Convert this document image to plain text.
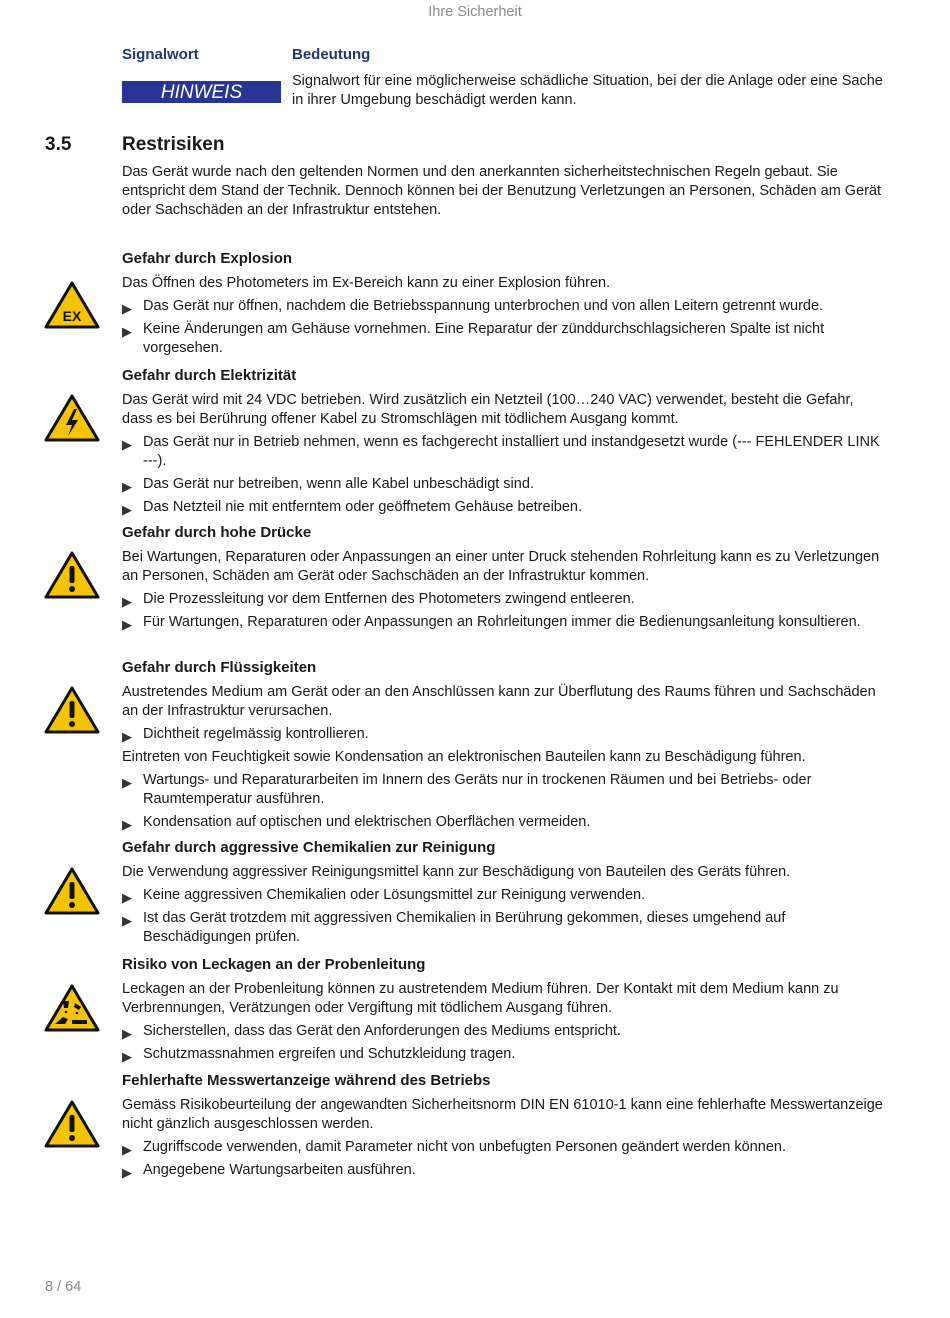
Ihre Sicherheit
Signalwort	Bedeutung
HINWEIS
Signalwort für eine möglicherweise schädliche Situation, bei der die Anlage oder eine Sache in ihrer Umgebung beschädigt werden kann.
3.5	Restrisiken

Das Gerät wurde nach den geltenden Normen und den anerkannten sicherheitstechnischen Regeln gebaut. Sie entspricht dem Stand der Technik. Dennoch können bei der Benutzung Verletzungen an Personen, Schäden am Gerät oder Sachschäden an der Infrastruktur entstehen.

Gefahr durch Explosion

Das Öffnen des Photometers im Ex-Bereich kann zu einer Explosion führen.

▶ Das Gerät nur öffnen, nachdem die Betriebsspannung unterbrochen und von allen Leitern getrennt wurde.
▶ Keine Änderungen am Gehäuse vornehmen. Eine Reparatur der zünddurchschlagsicheren Spalte ist nicht vorgesehen.
EX
Gefahr durch Elektrizität

Das Gerät wird mit 24 VDC betrieben. Wird zusätzlich ein Netzteil (100…240 VAC) verwendet, besteht die Gefahr, dass es bei Berührung offener Kabel zu Stromschlägen mit tödlichem Ausgang kommt.

▶ Das Gerät nur in Betrieb nehmen, wenn es fachgerecht installiert und instandgesetzt wurde (--- FEHLENDER LINK ---).
▶ Das Gerät nur betreiben, wenn alle Kabel unbeschädigt sind.
▶ Das Netzteil nie mit entferntem oder geöffnetem Gehäuse betreiben.
Gefahr durch hohe Drücke

Bei Wartungen, Reparaturen oder Anpassungen an einer unter Druck stehenden Rohrleitung kann es zu Verletzungen an Personen, Schäden am Gerät oder Sachschäden an der Infrastruktur kommen.

▶ Die Prozessleitung vor dem Entfernen des Photometers zwingend entleeren.
▶ Für Wartungen, Reparaturen oder Anpassungen an Rohrleitungen immer die Bedienungsanleitung konsultieren.
Gefahr durch Flüssigkeiten

Austretendes Medium am Gerät oder an den Anschlüssen kann zur Überflutung des Raums führen und Sachschäden an der Infrastruktur verursachen.

▶ Dichtheit regelmässig kontrollieren.

Eintreten von Feuchtigkeit sowie Kondensation an elektronischen Bauteilen kann zu Beschädigung führen.

▶ Wartungs- und Reparaturarbeiten im Innern des Geräts nur in trockenen Räumen und bei Betriebs- oder Raumtemperatur ausführen.
▶ Kondensation auf optischen und elektrischen Oberflächen vermeiden.
Gefahr durch aggressive Chemikalien zur Reinigung

Die Verwendung aggressiver Reinigungsmittel kann zur Beschädigung von Bauteilen des Geräts führen.

▶ Keine aggressiven Chemikalien oder Lösungsmittel zur Reinigung verwenden.
▶ Ist das Gerät trotzdem mit aggressiven Chemikalien in Berührung gekommen, dieses umgehend auf Beschädigungen prüfen.
Risiko von Leckagen an der Probenleitung

Leckagen an der Probenleitung können zu austretendem Medium führen. Der Kontakt mit dem Medium kann zu Verbrennungen, Verätzungen oder Vergiftung mit tödlichem Ausgang führen.

▶ Sicherstellen, dass das Gerät den Anforderungen des Mediums entspricht.
▶ Schutzmassnahmen ergreifen und Schutzkleidung tragen.
Fehlerhafte Messwertanzeige während des Betriebs

Gemäss Risikobeurteilung der angewandten Sicherheitsnorm DIN EN 61010-1 kann eine fehlerhafte Messwertanzeige nicht gänzlich ausgeschlossen werden.

▶ Zugriffscode verwenden, damit Parameter nicht von unbefugten Personen geändert werden können.
▶ Angegebene Wartungsarbeiten ausführen.
8 / 64
